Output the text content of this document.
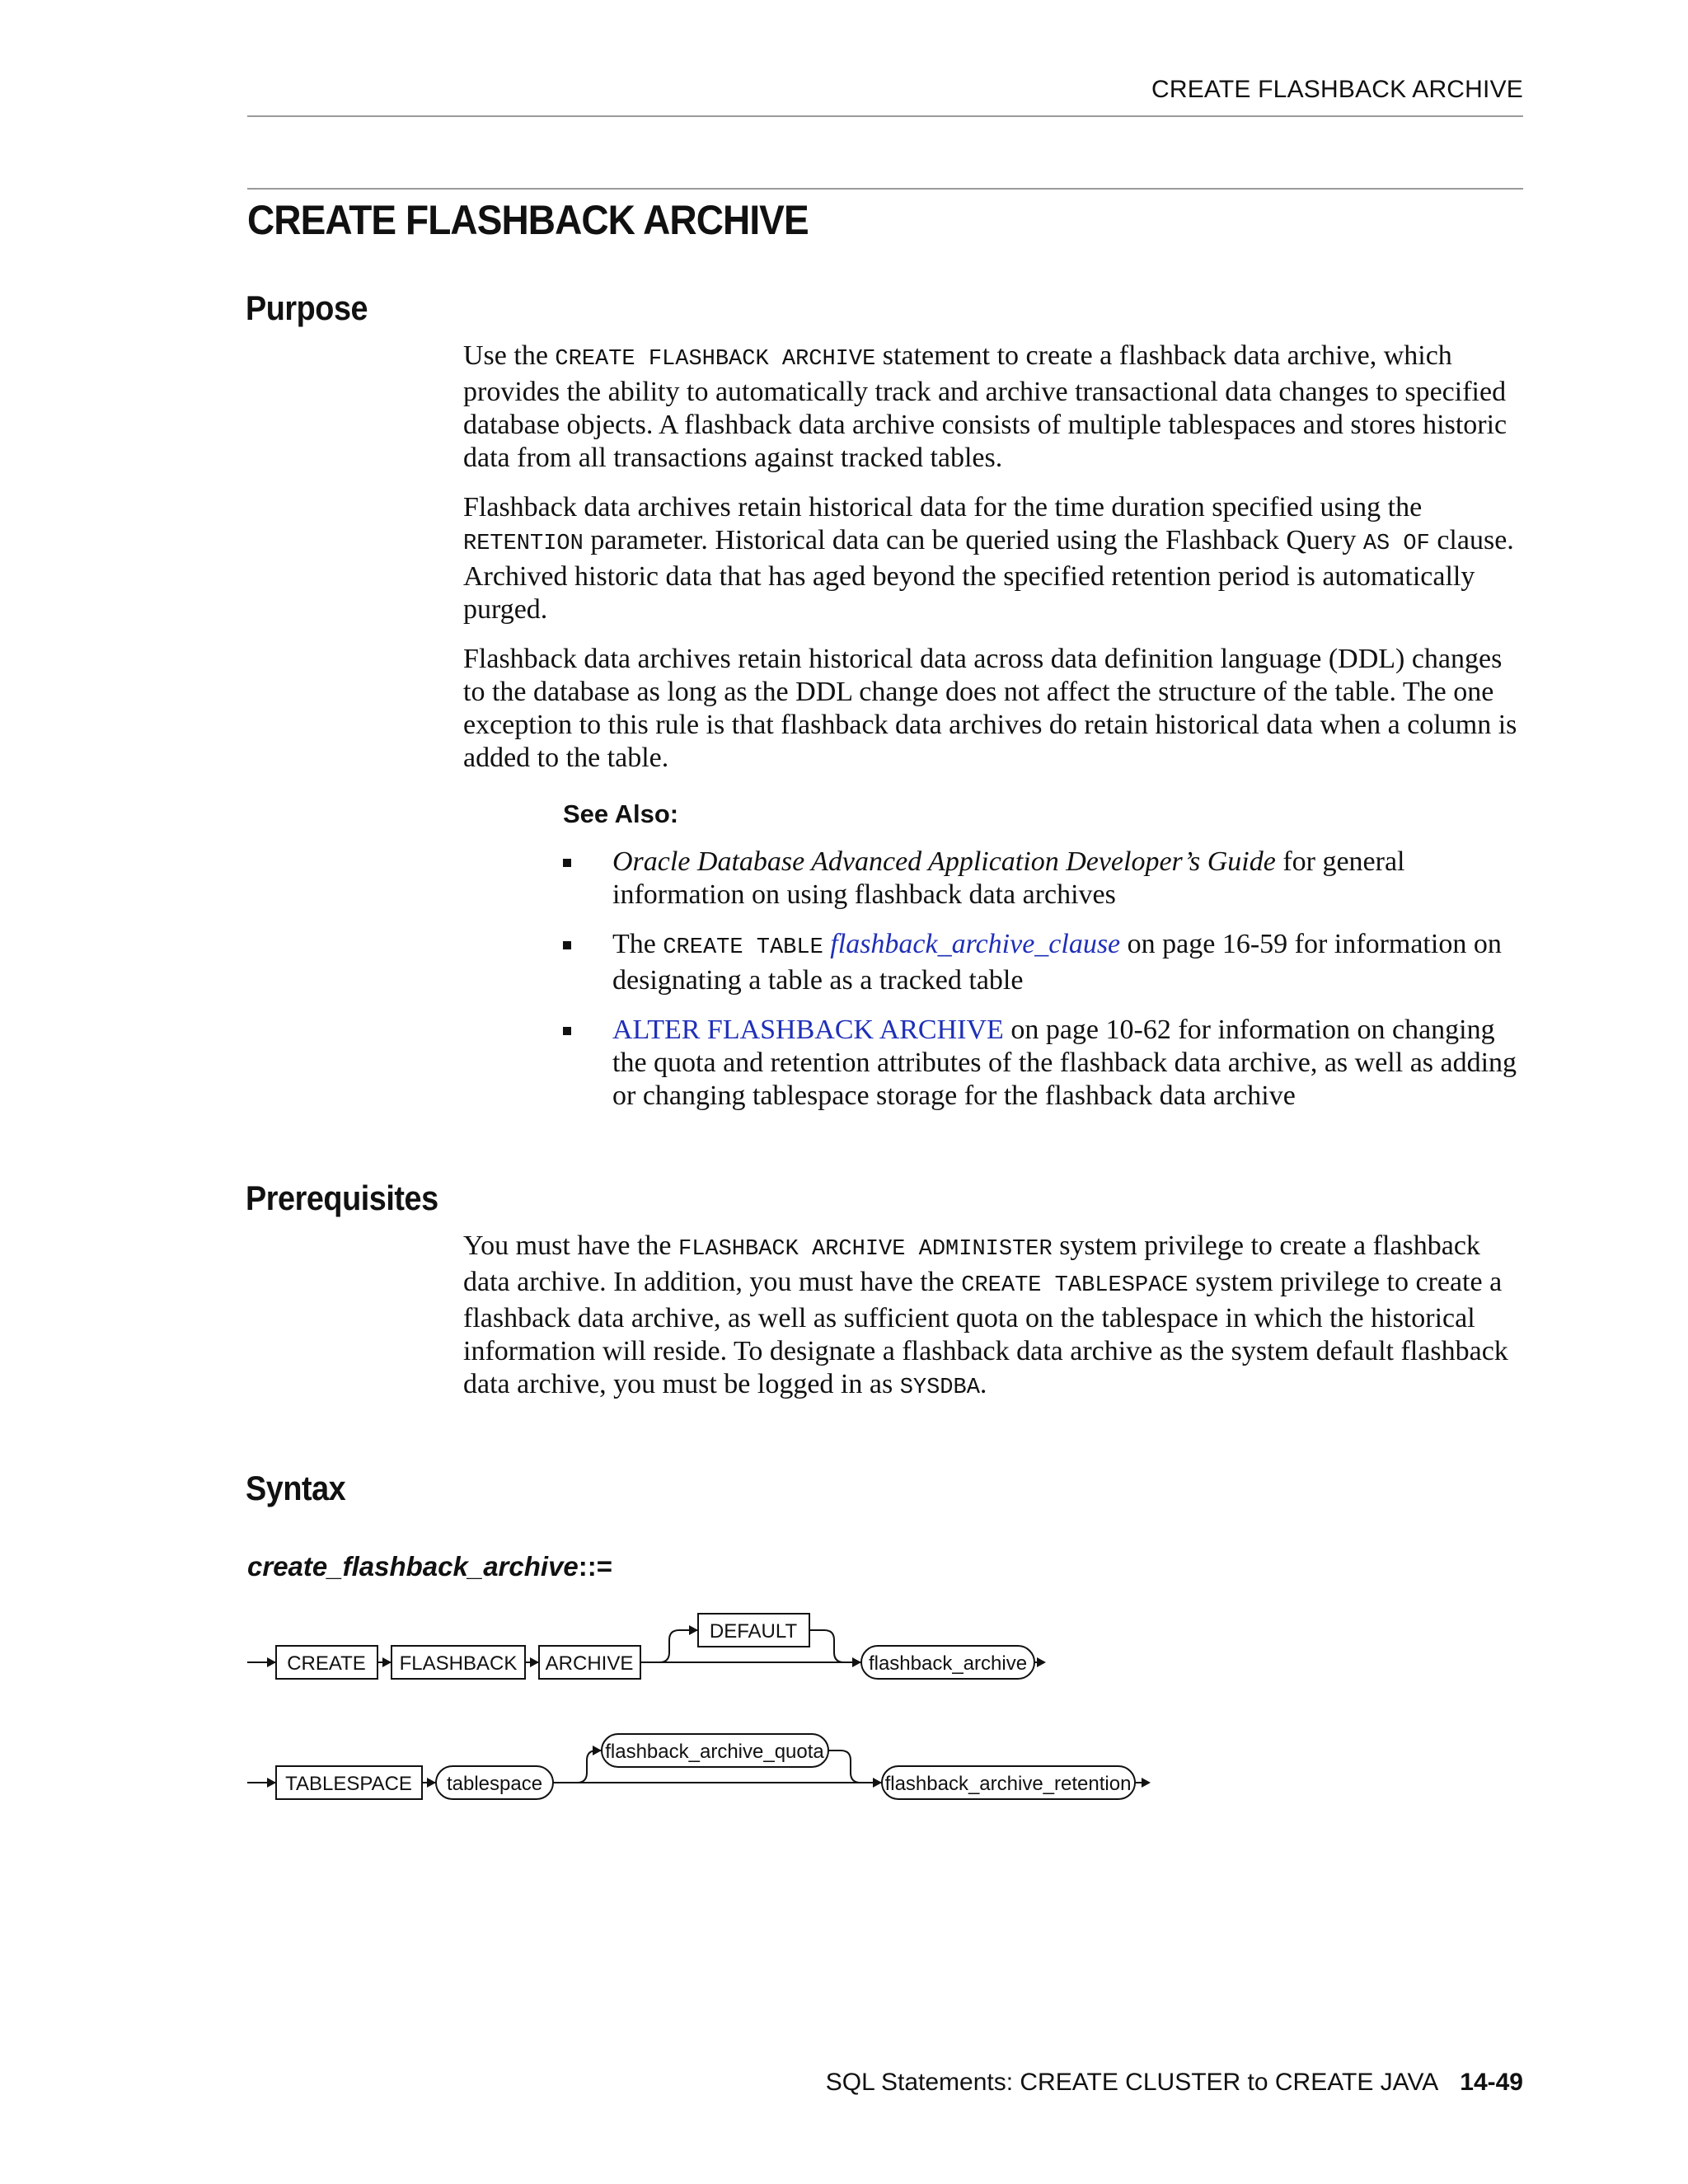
CREATE FLASHBACK ARCHIVE
CREATE FLASHBACK ARCHIVE
Purpose

Use the CREATE FLASHBACK ARCHIVE statement to create a flashback data archive, which provides the ability to automatically track and archive transactional data changes to specified database objects. A flashback data archive consists of multiple tablespaces and stores historic data from all transactions against tracked tables.

Flashback data archives retain historical data for the time duration specified using the RETENTION parameter. Historical data can be queried using the Flashback Query AS OF clause. Archived historic data that has aged beyond the specified retention period is automatically purged.

Flashback data archives retain historical data across data definition language (DDL) changes to the database as long as the DDL change does not affect the structure of the table. The one exception to this rule is that flashback data archives do retain historical data when a column is added to the table.

See Also:
Oracle Database Advanced Application Developer’s Guide for general information on using flashback data archives
The CREATE TABLE flashback_archive_clause on page 16-59 for information on designating a table as a tracked table
ALTER FLASHBACK ARCHIVE on page 10-62 for information on changing the quota and retention attributes of the flashback data archive, as well as adding or changing tablespace storage for the flashback data archive
Prerequisites

You must have the FLASHBACK ARCHIVE ADMINISTER system privilege to create a flashback data archive. In addition, you must have the CREATE TABLESPACE system privilege to create a flashback data archive, as well as sufficient quota on the tablespace in which the historical information will reside. To designate a flashback data archive as the system default flashback data archive, you must be logged in as SYSDBA.

Syntax
create_flashback_archive::=
CREATE FLASHBACK ARCHIVE
DEFAULT
flashback_archive
TABLESPACE tablespace
flashback_archive_quota
flashback_archive_retention
SQL Statements: CREATE CLUSTER to CREATE JAVA 14-49
